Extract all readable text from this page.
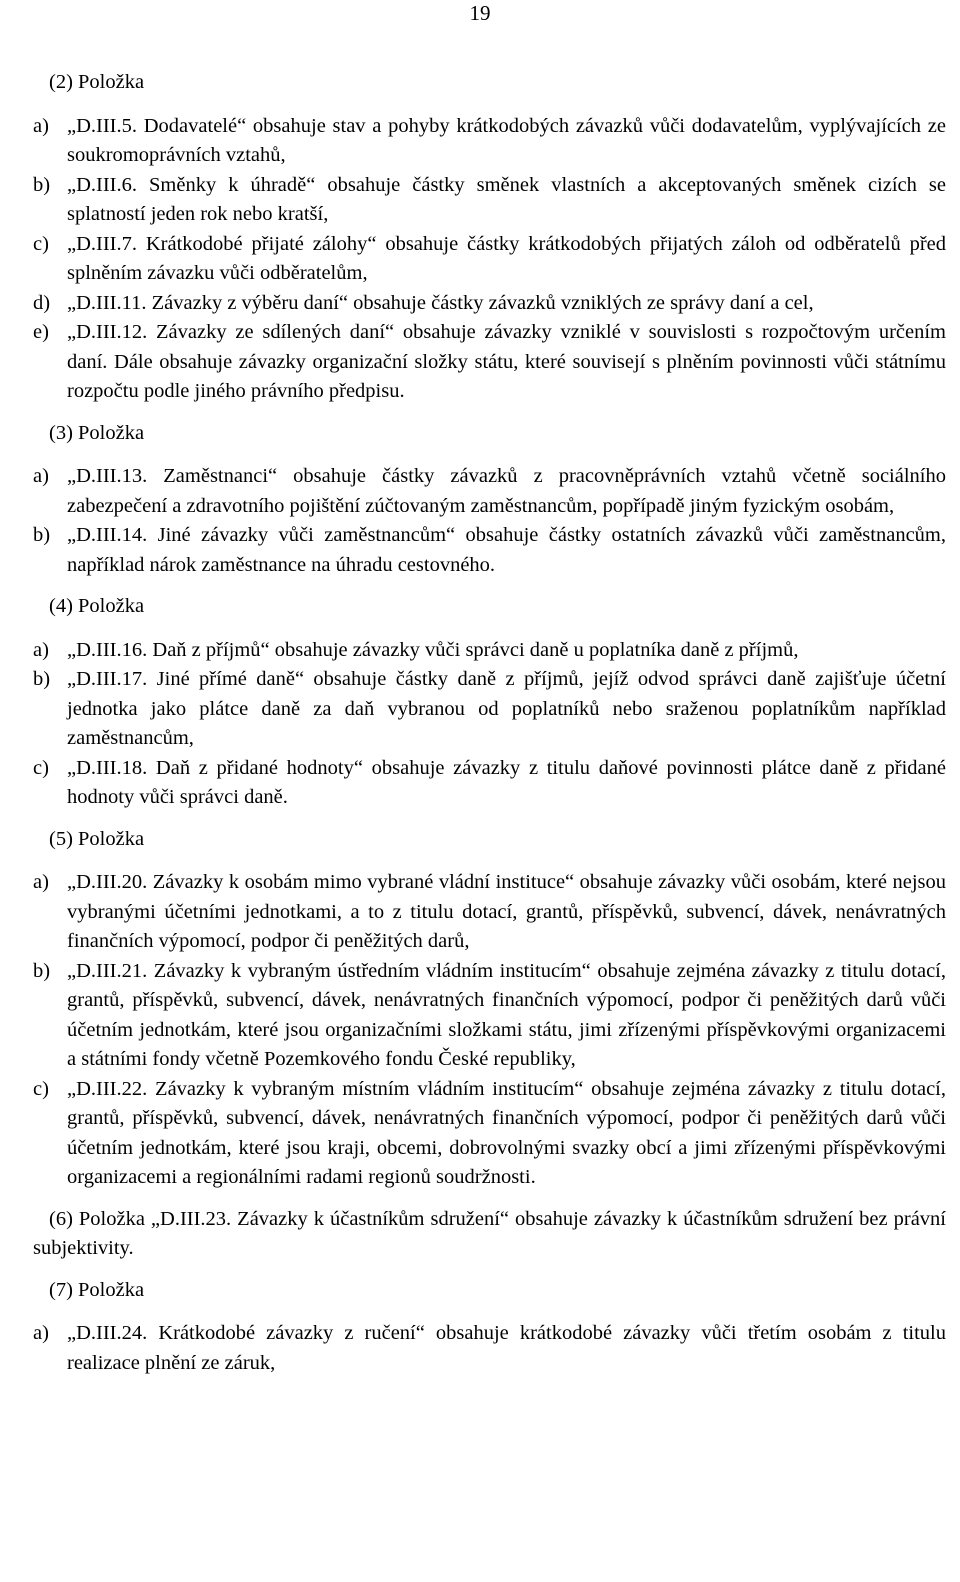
19
(2) Položka
a) „D.III.5. Dodavatelé“ obsahuje stav a pohyby krátkodobých závazků vůči dodavatelům, vyplývajících ze soukromoprávních vztahů,
b) „D.III.6. Směnky k úhradě“ obsahuje částky směnek vlastních a akceptovaných směnek cizích se splatností jeden rok nebo kratší,
c) „D.III.7. Krátkodobé přijaté zálohy“ obsahuje částky krátkodobých přijatých záloh od odběratelů před splněním závazku vůči odběratelům,
d) „D.III.11. Závazky z výběru daní“ obsahuje částky závazků vzniklých ze správy daní a cel,
e) „D.III.12. Závazky ze sdílených daní“ obsahuje závazky vzniklé v souvislosti s rozpočtovým určením daní. Dále obsahuje závazky organizační složky státu, které souvisejí s plněním povinnosti vůči státnímu rozpočtu podle jiného právního předpisu.
(3) Položka
a) „D.III.13. Zaměstnanci“ obsahuje částky závazků z pracovněprávních vztahů včetně sociálního zabezpečení a zdravotního pojištění zúčtovaným zaměstnancům, popřípadě jiným fyzickým osobám,
b) „D.III.14. Jiné závazky vůči zaměstnancům“ obsahuje částky ostatních závazků vůči zaměstnancům, například nárok zaměstnance na úhradu cestovného.
(4) Položka
a) „D.III.16. Daň z příjmů“ obsahuje závazky vůči správci daně u poplatníka daně z příjmů,
b) „D.III.17. Jiné přímé daně“ obsahuje částky daně z příjmů, jejíž odvod správci daně zajišťuje účetní jednotka jako plátce daně za daň vybranou od poplatníků nebo sraženou poplatníkům například zaměstnancům,
c) „D.III.18. Daň z přidané hodnoty“ obsahuje závazky z titulu daňové povinnosti plátce daně z přidané hodnoty vůči správci daně.
(5) Položka
a) „D.III.20. Závazky k osobám mimo vybrané vládní instituce“ obsahuje závazky vůči osobám, které nejsou vybranými účetními jednotkami, a to z titulu dotací, grantů, příspěvků, subvencí, dávek, nenávratných finančních výpomocí, podpor či peněžitých darů,
b) „D.III.21. Závazky k vybraným ústředním vládním institucím“ obsahuje zejména závazky z titulu dotací, grantů, příspěvků, subvencí, dávek, nenávratných finančních výpomocí, podpor či peněžitých darů vůči účetním jednotkám, které jsou organizačními složkami státu, jimi zřízenými příspěvkovými organizacemi a státními fondy včetně Pozemkového fondu České republiky,
c) „D.III.22. Závazky k vybraným místním vládním institucím“ obsahuje zejména závazky z titulu dotací, grantů, příspěvků, subvencí, dávek, nenávratných finančních výpomocí, podpor či peněžitých darů vůči účetním jednotkám, které jsou kraji, obcemi, dobrovolnými svazky obcí a jimi zřízenými příspěvkovými organizacemi a regionálními radami regionů soudržnosti.

(6) Položka „D.III.23. Závazky k účastníkům sdružení“ obsahuje závazky k účastníkům sdružení bez právní subjektivity.

(7) Položka
a) „D.III.24. Krátkodobé závazky z ručení“ obsahuje krátkodobé závazky vůči třetím osobám z titulu realizace plnění ze záruk,
